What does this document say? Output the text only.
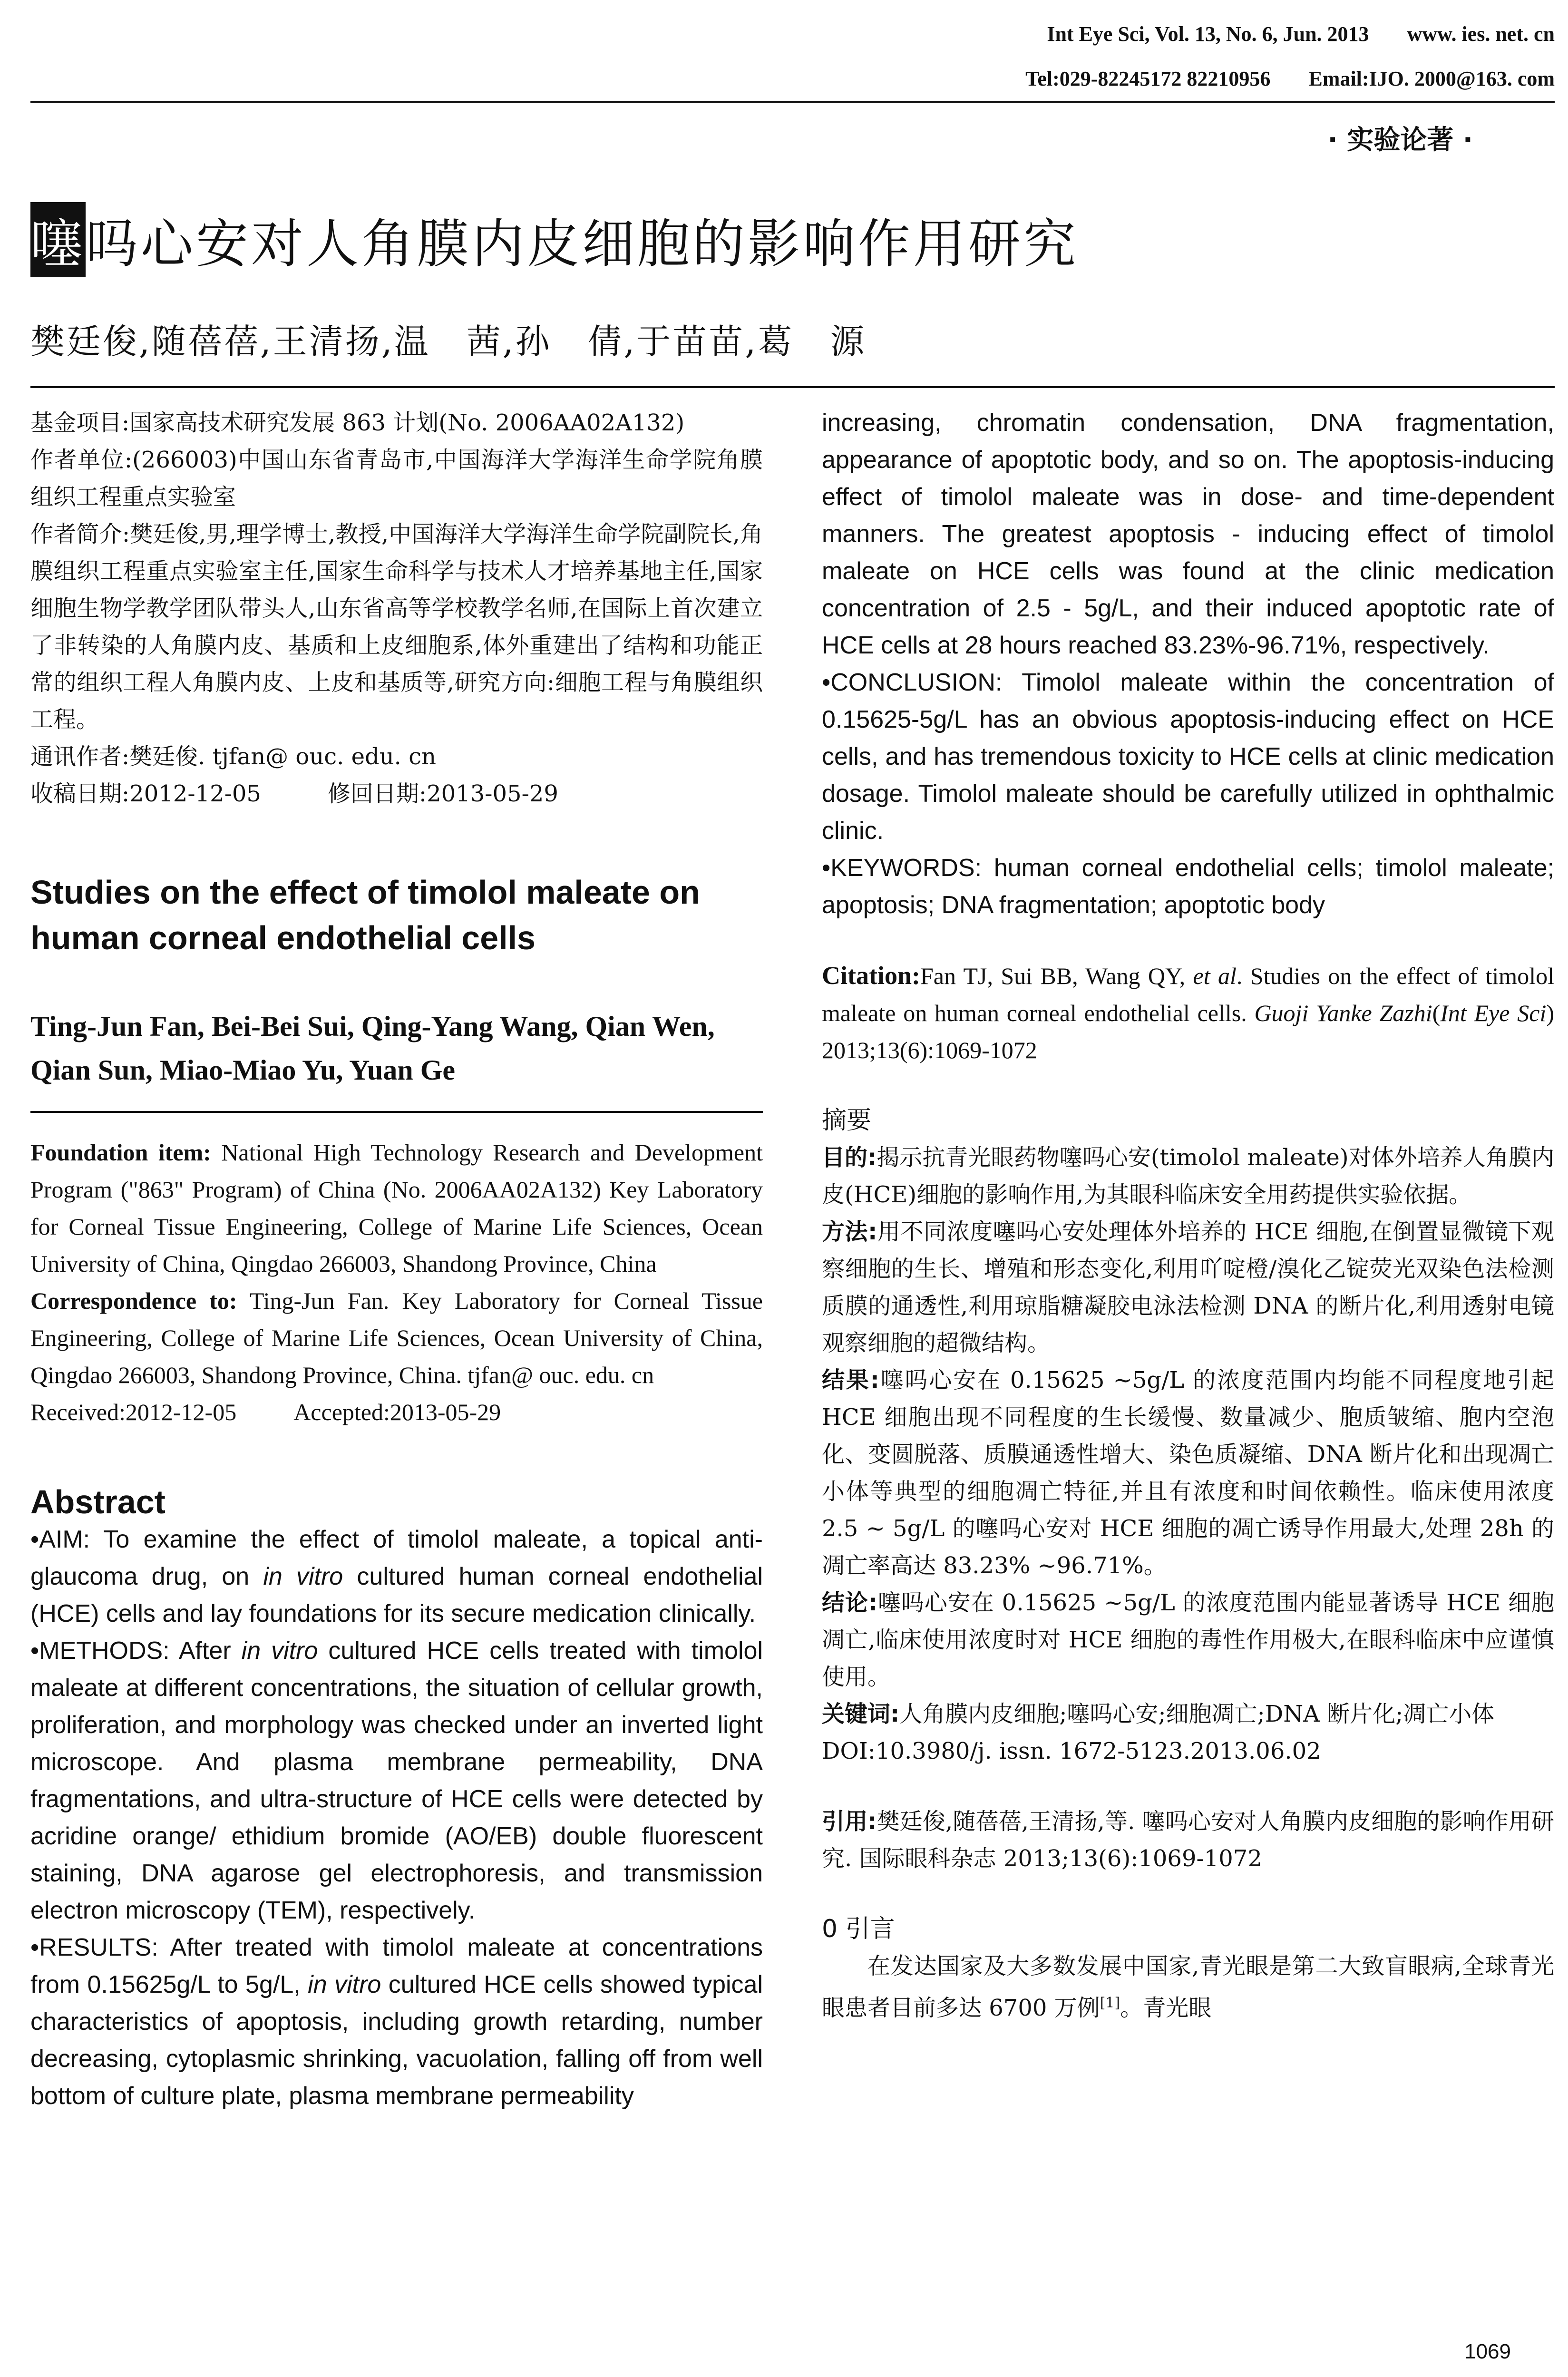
Int Eye Sci, Vol. 13, No. 6, Jun. 2013 www. ies. net. cn
Tel:029-82245172 82210956 Email:IJO. 2000@163. com
· 实验论著 ·
噻吗心安对人角膜内皮细胞的影响作用研究
樊廷俊,随蓓蓓,王清扬,温　茜,孙　倩,于苗苗,葛　源

基金项目:国家高技术研究发展 863 计划(No. 2006AA02A132)

作者单位:(266003)中国山东省青岛市,中国海洋大学海洋生命学院角膜组织工程重点实验室

作者简介:樊廷俊,男,理学博士,教授,中国海洋大学海洋生命学院副院长,角膜组织工程重点实验室主任,国家生命科学与技术人才培养基地主任,国家细胞生物学教学团队带头人,山东省高等学校教学名师,在国际上首次建立了非转染的人角膜内皮、基质和上皮细胞系,体外重建出了结构和功能正常的组织工程人角膜内皮、上皮和基质等,研究方向:细胞工程与角膜组织工程。

通讯作者:樊廷俊. tjfan@ ouc. edu. cn

收稿日期:2012-12-05	修回日期:2013-05-29

Studies on the effect of timolol maleate on human corneal endothelial cells
Ting-Jun Fan, Bei-Bei Sui, Qing-Yang Wang, Qian Wen, Qian Sun, Miao-Miao Yu, Yuan Ge

Foundation item: National High Technology Research and Development Program ("863" Program) of China (No. 2006AA02A132) Key Laboratory for Corneal Tissue Engineering, College of Marine Life Sciences, Ocean University of China, Qingdao 266003, Shandong Province, China

Correspondence to: Ting-Jun Fan. Key Laboratory for Corneal Tissue Engineering, College of Marine Life Sciences, Ocean University of China, Qingdao 266003, Shandong Province, China. tjfan@ ouc. edu. cn

Received:2012-12-05 Accepted:2013-05-29

Abstract

• AIM: To examine the effect of timolol maleate, a topical anti-glaucoma drug, on in vitro cultured human corneal endothelial (HCE) cells and lay foundations for its secure medication clinically.

• METHODS: After in vitro cultured HCE cells treated with timolol maleate at different concentrations, the situation of cellular growth, proliferation, and morphology was checked under an inverted light microscope. And plasma membrane permeability, DNA fragmentations, and ultra-structure of HCE cells were detected by acridine orange/ ethidium bromide (AO/EB) double fluorescent staining, DNA agarose gel electrophoresis, and transmission electron microscopy (TEM), respectively.

• RESULTS: After treated with timolol maleate at concentrations from 0.15625g/L to 5g/L, in vitro cultured HCE cells showed typical characteristics of apoptosis, including growth retarding, number decreasing, cytoplasmic shrinking, vacuolation, falling off from well bottom of culture plate, plasma membrane permeability

increasing, chromatin condensation, DNA fragmentation, appearance of apoptotic body, and so on. The apoptosis-inducing effect of timolol maleate was in dose- and time-dependent manners. The greatest apoptosis - inducing effect of timolol maleate on HCE cells was found at the clinic medication concentration of 2.5 - 5g/L, and their induced apoptotic rate of HCE cells at 28 hours reached 83.23%-96.71%, respectively.

• CONCLUSION: Timolol maleate within the concentration of 0.15625-5g/L has an obvious apoptosis-inducing effect on HCE cells, and has tremendous toxicity to HCE cells at clinic medication dosage. Timolol maleate should be carefully utilized in ophthalmic clinic.

• KEYWORDS: human corneal endothelial cells; timolol maleate; apoptosis; DNA fragmentation; apoptotic body

Citation:Fan TJ, Sui BB, Wang QY, et al. Studies on the effect of timolol maleate on human corneal endothelial cells. Guoji Yanke Zazhi(Int Eye Sci) 2013;13(6):1069-1072

摘要

目的:揭示抗青光眼药物噻吗心安(timolol maleate)对体外培养人角膜内皮(HCE)细胞的影响作用,为其眼科临床安全用药提供实验依据。

方法:用不同浓度噻吗心安处理体外培养的 HCE 细胞,在倒置显微镜下观察细胞的生长、增殖和形态变化,利用吖啶橙/溴化乙锭荧光双染色法检测质膜的通透性,利用琼脂糖凝胶电泳法检测 DNA 的断片化,利用透射电镜观察细胞的超微结构。

结果:噻吗心安在 0.15625 ~5g/L 的浓度范围内均能不同程度地引起 HCE 细胞出现不同程度的生长缓慢、数量减少、胞质皱缩、胞内空泡化、变圆脱落、质膜通透性增大、染色质凝缩、DNA 断片化和出现凋亡小体等典型的细胞凋亡特征,并且有浓度和时间依赖性。临床使用浓度 2.5 ~ 5g/L 的噻吗心安对 HCE 细胞的凋亡诱导作用最大,处理 28h 的凋亡率高达 83.23% ~96.71%。

结论:噻吗心安在 0.15625 ~5g/L 的浓度范围内能显著诱导 HCE 细胞凋亡,临床使用浓度时对 HCE 细胞的毒性作用极大,在眼科临床中应谨慎使用。

关键词:人角膜内皮细胞;噻吗心安;细胞凋亡;DNA 断片化;凋亡小体

DOI:10.3980/j. issn. 1672-5123.2013.06.02

引用:樊廷俊,随蓓蓓,王清扬,等. 噻吗心安对人角膜内皮细胞的影响作用研究. 国际眼科杂志 2013;13(6):1069-1072

0 引言

在发达国家及大多数发展中国家,青光眼是第二大致盲眼病,全球青光眼患者目前多达 6700 万例[1]。青光眼

1069
